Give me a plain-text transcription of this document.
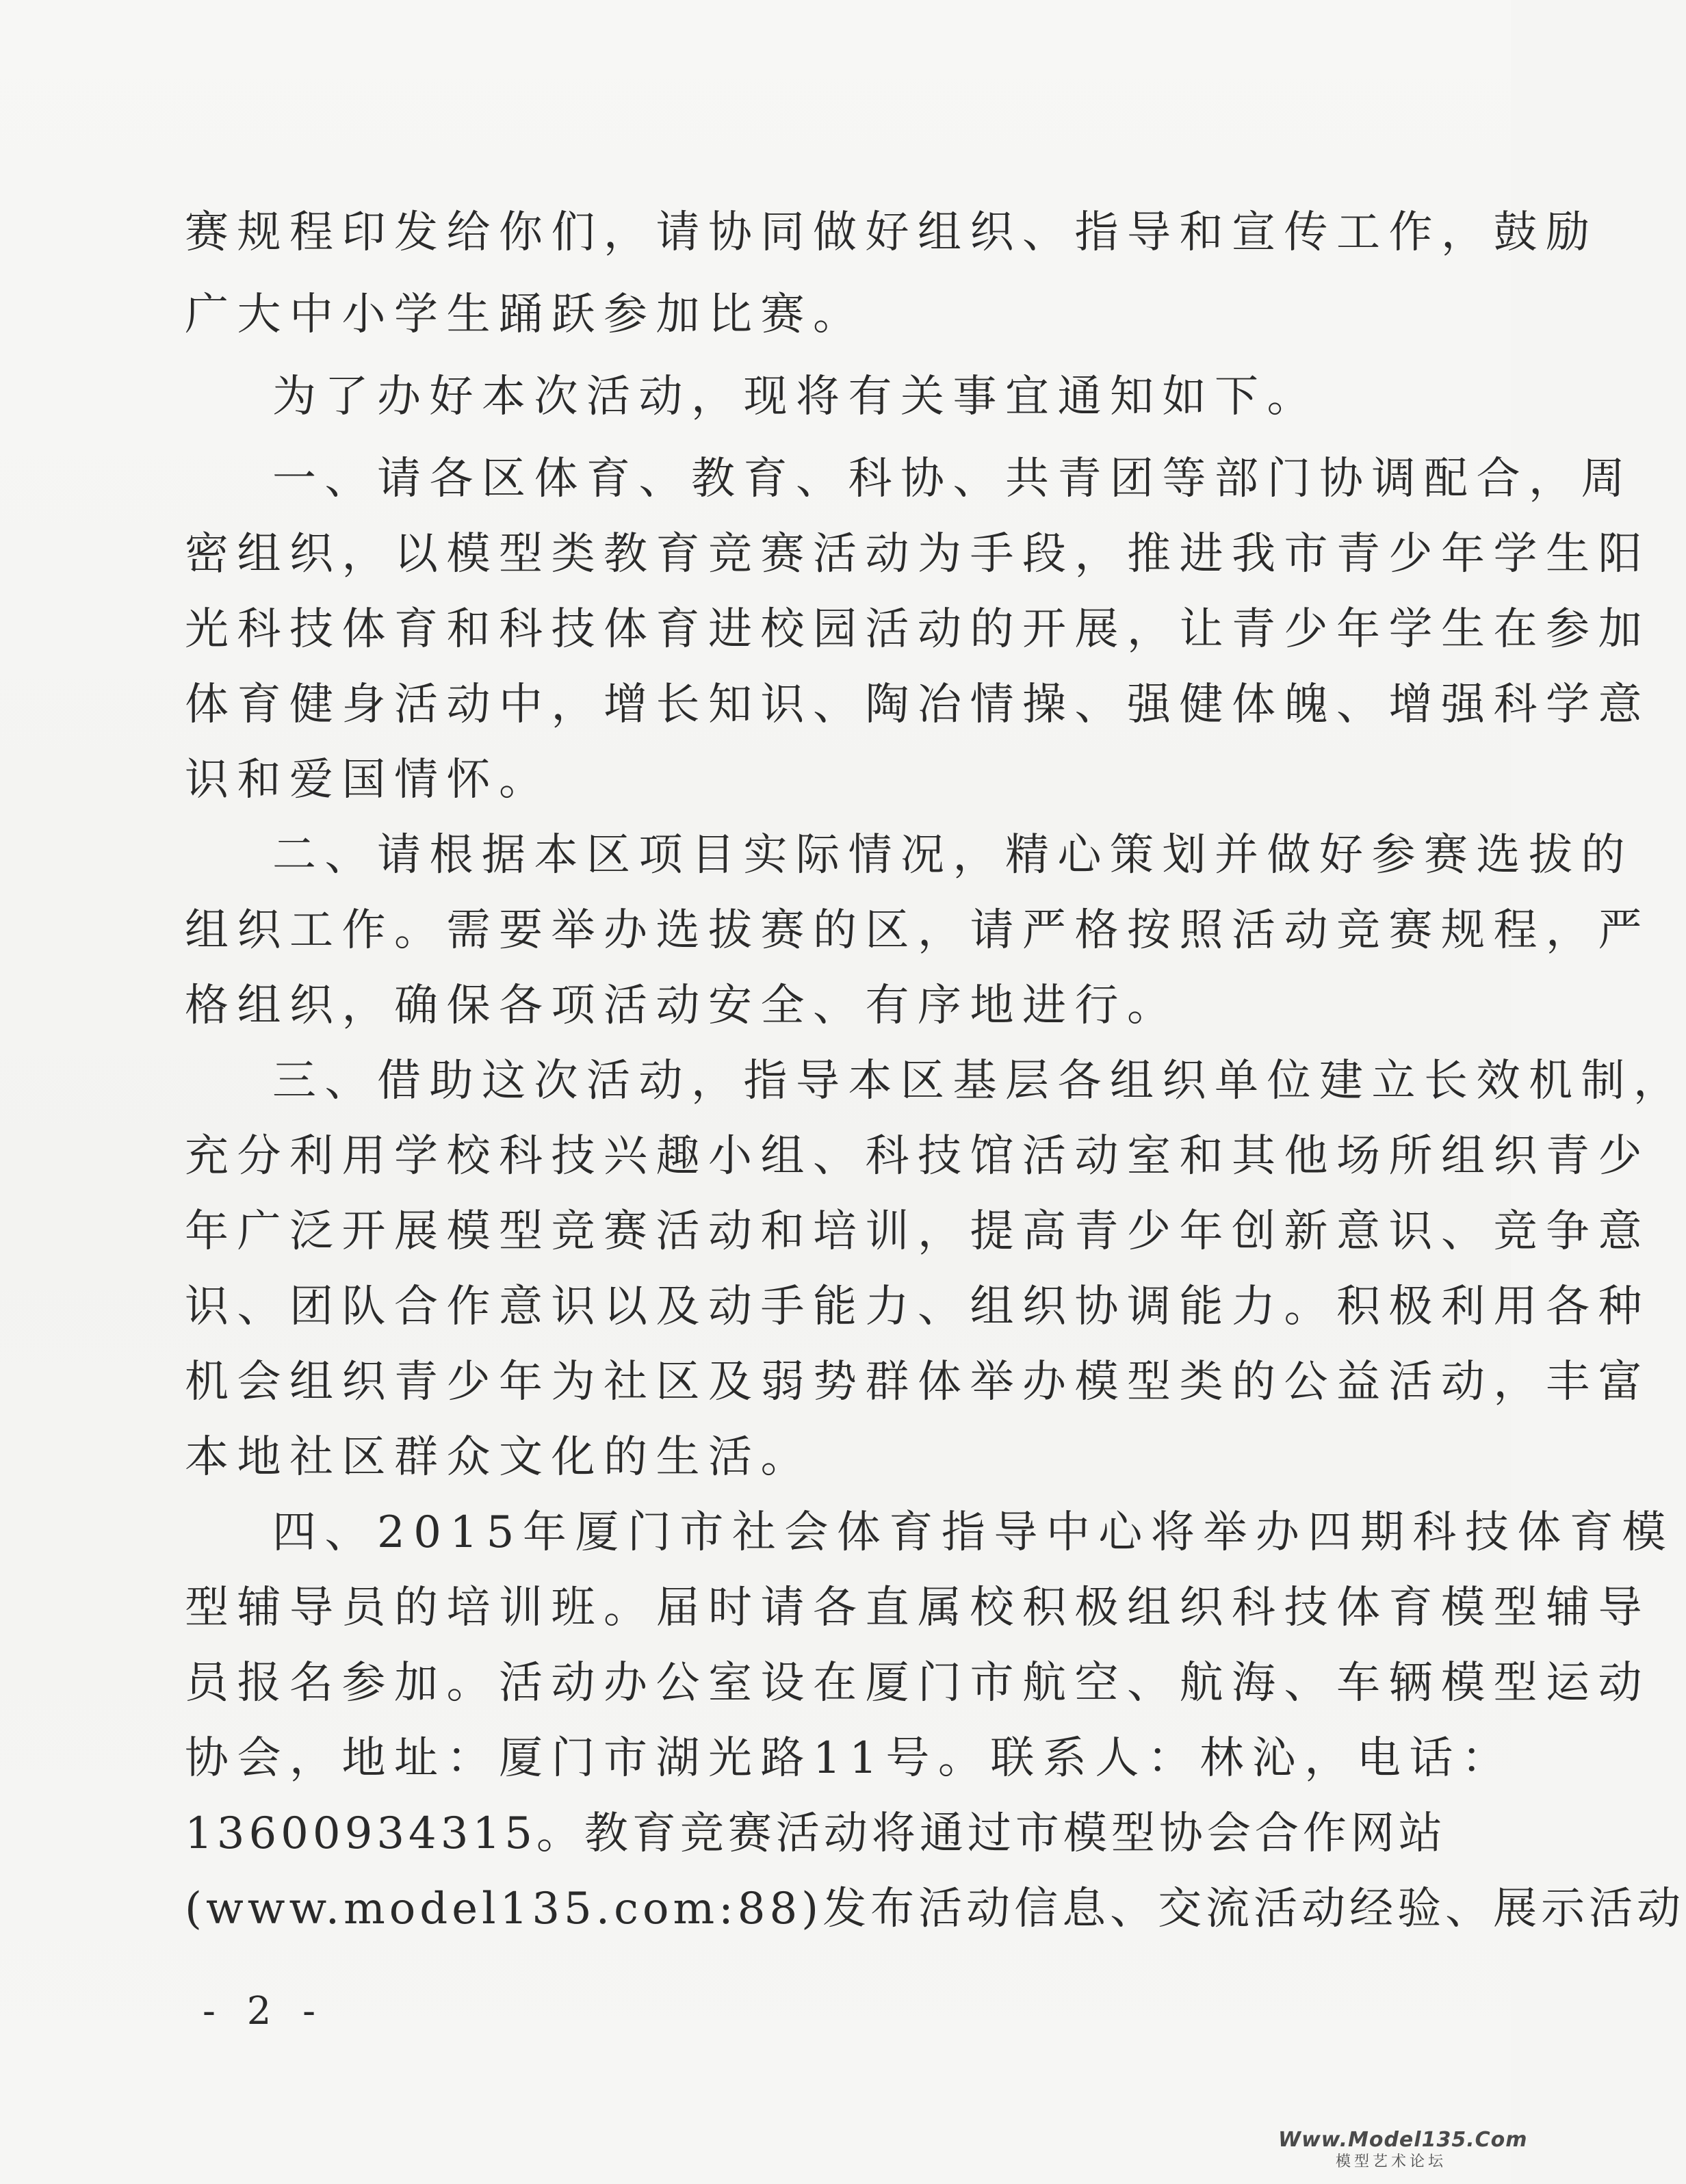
赛规程印发给你们，请协同做好组织、指导和宣传工作，鼓励
广大中小学生踊跃参加比赛。
为了办好本次活动，现将有关事宜通知如下。
一、请各区体育、教育、科协、共青团等部门协调配合，周
密组织，以模型类教育竞赛活动为手段，推进我市青少年学生阳
光科技体育和科技体育进校园活动的开展，让青少年学生在参加
体育健身活动中，增长知识、陶冶情操、强健体魄、增强科学意
识和爱国情怀。
二、请根据本区项目实际情况，精心策划并做好参赛选拔的
组织工作。需要举办选拔赛的区，请严格按照活动竞赛规程，严
格组织，确保各项活动安全、有序地进行。
三、借助这次活动，指导本区基层各组织单位建立长效机制，
充分利用学校科技兴趣小组、科技馆活动室和其他场所组织青少
年广泛开展模型竞赛活动和培训，提高青少年创新意识、竞争意
识、团队合作意识以及动手能力、组织协调能力。积极利用各种
机会组织青少年为社区及弱势群体举办模型类的公益活动，丰富
本地社区群众文化的生活。
四、2015年厦门市社会体育指导中心将举办四期科技体育模
型辅导员的培训班。届时请各直属校积极组织科技体育模型辅导
员报名参加。活动办公室设在厦门市航空、航海、车辆模型运动
协会，地址：厦门市湖光路11号。联系人：林沁，电话：
13600934315。教育竞赛活动将通过市模型协会合作网站
(www.model135.com:88)发布活动信息、交流活动经验、展示活动
- 2 -
Www.Model135.Com
模型艺术论坛
